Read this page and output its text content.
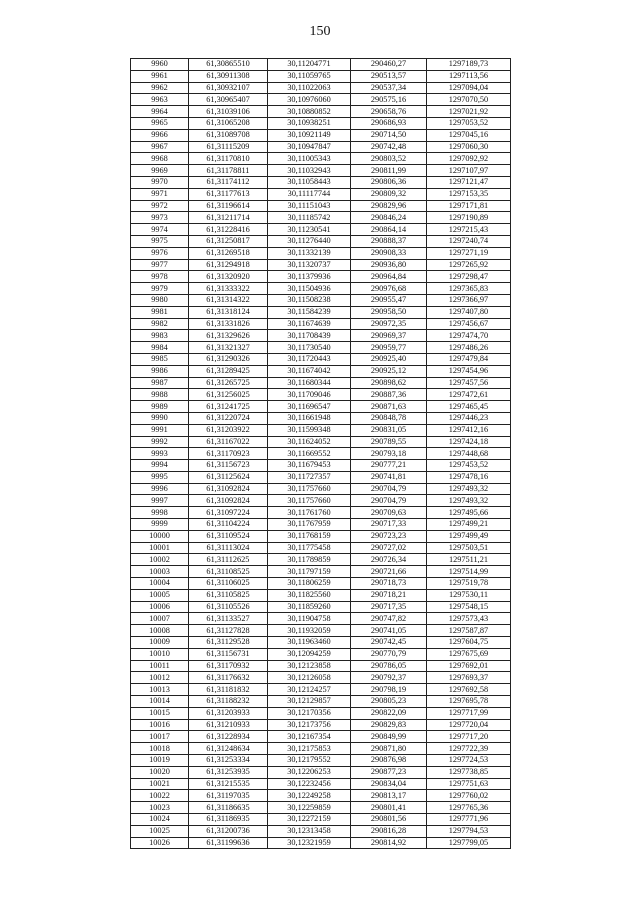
150
9960	61,30865510	30,11204771	290460,27	1297189,73
9961	61,30911308	30,11059765	290513,57	1297113,56
9962	61,30932107	30,11022063	290537,34	1297094,04
9963	61,30965407	30,10976060	290575,16	1297070,50
9964	61,31039106	30,10880852	290658,76	1297021,92
9965	61,31065208	30,10938251	290686,93	1297053,52
9966	61,31089708	30,10921149	290714,50	1297045,16
9967	61,31115209	30,10947847	290742,48	1297060,30
9968	61,31170810	30,11005343	290803,52	1297092,92
9969	61,31178811	30,11032943	290811,99	1297107,97
9970	61,31174112	30,11058443	290806,36	1297121,47
9971	61,31177613	30,11117744	290809,32	1297153,35
9972	61,31196614	30,11151043	290829,96	1297171,81
9973	61,31211714	30,11185742	290846,24	1297190,89
9974	61,31228416	30,11230541	290864,14	1297215,43
9975	61,31250817	30,11276440	290888,37	1297240,74
9976	61,31269518	30,11332139	290908,33	1297271,19
9977	61,31294918	30,11320737	290936,80	1297265,92
9978	61,31320920	30,11379936	290964,84	1297298,47
9979	61,31333322	30,11504936	290976,68	1297365,83
9980	61,31314322	30,11508238	290955,47	1297366,97
9981	61,31318124	30,11584239	290958,50	1297407,80
9982	61,31331826	30,11674639	290972,35	1297456,67
9983	61,31329626	30,11708439	290969,37	1297474,70
9984	61,31321327	30,11730540	290959,77	1297486,26
9985	61,31290326	30,11720443	290925,40	1297479,84
9986	61,31289425	30,11674042	290925,12	1297454,96
9987	61,31265725	30,11680344	290898,62	1297457,56
9988	61,31256025	30,11709046	290887,36	1297472,61
9989	61,31241725	30,11696547	290871,63	1297465,45
9990	61,31220724	30,11661948	290848,78	1297446,23
9991	61,31203922	30,11599348	290831,05	1297412,16
9992	61,31167022	30,11624052	290789,55	1297424,18
9993	61,31170923	30,11669552	290793,18	1297448,68
9994	61,31156723	30,11679453	290777,21	1297453,52
9995	61,31125624	30,11727357	290741,81	1297478,16
9996	61,31092824	30,11757660	290704,79	1297493,32
9997	61,31092824	30,11757660	290704,79	1297493,32
9998	61,31097224	30,11761760	290709,63	1297495,66
9999	61,31104224	30,11767959	290717,33	1297499,21
10000	61,31109524	30,11768159	290723,23	1297499,49
10001	61,31113024	30,11775458	290727,02	1297503,51
10002	61,31112625	30,11789859	290726,34	1297511,21
10003	61,31108525	30,11797159	290721,66	1297514,99
10004	61,31106025	30,11806259	290718,73	1297519,78
10005	61,31105825	30,11825560	290718,21	1297530,11
10006	61,31105526	30,11859260	290717,35	1297548,15
10007	61,31133527	30,11904758	290747,82	1297573,43
10008	61,31127828	30,11932059	290741,05	1297587,87
10009	61,31129528	30,11963460	290742,45	1297604,75
10010	61,31156731	30,12094259	290770,79	1297675,69
10011	61,31170932	30,12123858	290786,05	1297692,01
10012	61,31176632	30,12126058	290792,37	1297693,37
10013	61,31181832	30,12124257	290798,19	1297692,58
10014	61,31188232	30,12129857	290805,23	1297695,78
10015	61,31203933	30,12170356	290822,09	1297717,99
10016	61,31210933	30,12173756	290829,83	1297720,04
10017	61,31228934	30,12167354	290849,99	1297717,20
10018	61,31248634	30,12175853	290871,80	1297722,39
10019	61,31253334	30,12179552	290876,98	1297724,53
10020	61,31253935	30,12206253	290877,23	1297738,85
10021	61,31215535	30,12232456	290834,04	1297751,63
10022	61,31197035	30,12249258	290813,17	1297760,02
10023	61,31186635	30,12259859	290801,41	1297765,36
10024	61,31186935	30,12272159	290801,56	1297771,96
10025	61,31200736	30,12313458	290816,28	1297794,53
10026	61,31199636	30,12321959	290814,92	1297799,05
